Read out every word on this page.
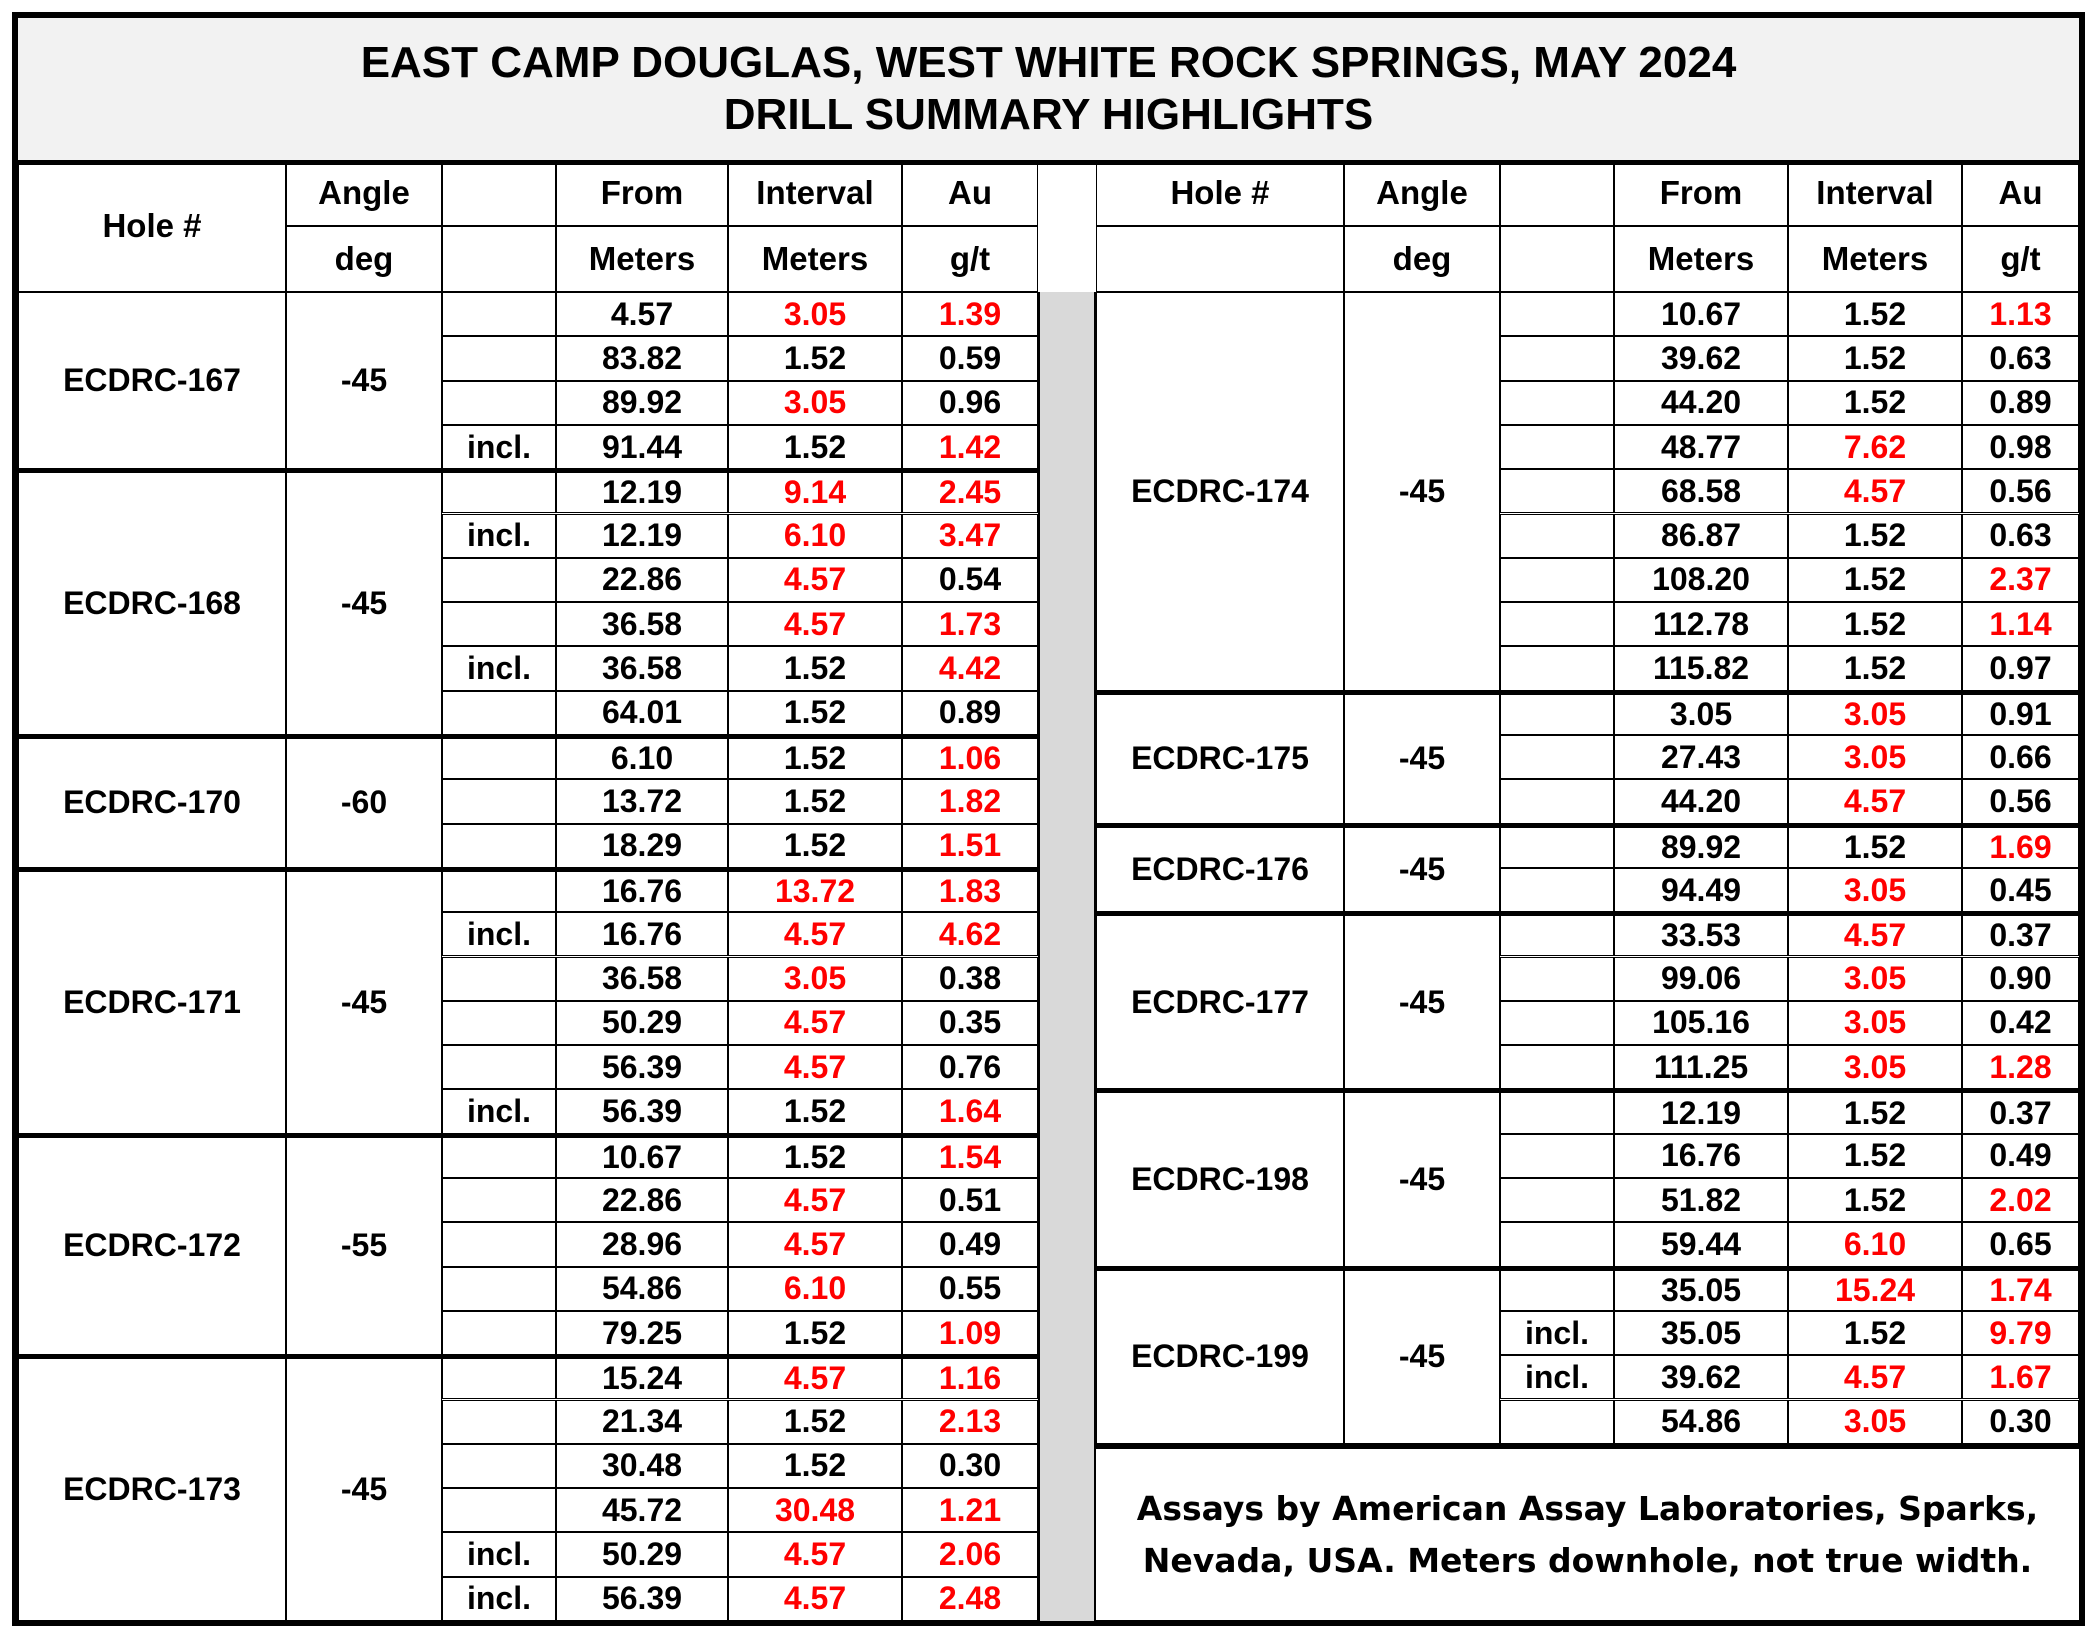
EAST CAMP DOUGLAS, WEST WHITE ROCK SPRINGS, MAY 2024
DRILL SUMMARY HIGHLIGHTS
Hole #
Angle	From	Interval	Au
deg	Meters	Meters	g/t
Hole #	Angle	From	Interval	Au
deg	Meters	Meters	g/t
ECDRC-167	-45
4.57	3.05	1.39
83.82	1.52	0.59
89.92	3.05	0.96
incl.	91.44	1.52	1.42
ECDRC-168	-45
12.19	9.14	2.45
incl.	12.19	6.10	3.47
22.86	4.57	0.54
36.58	4.57	1.73
incl.	36.58	1.52	4.42
64.01	1.52	0.89
ECDRC-170	-60
6.10	1.52	1.06
13.72	1.52	1.82
18.29	1.52	1.51
ECDRC-171	-45
16.76	13.72	1.83
incl.	16.76	4.57	4.62
36.58	3.05	0.38
50.29	4.57	0.35
56.39	4.57	0.76
incl.	56.39	1.52	1.64
ECDRC-172	-55
10.67	1.52	1.54
22.86	4.57	0.51
28.96	4.57	0.49
54.86	6.10	0.55
79.25	1.52	1.09
ECDRC-173	-45
15.24	4.57	1.16
21.34	1.52	2.13
30.48	1.52	0.30
45.72	30.48	1.21
incl.	50.29	4.57	2.06
incl.	56.39	4.57	2.48
ECDRC-174	-45
10.67	1.52	1.13
39.62	1.52	0.63
44.20	1.52	0.89
48.77	7.62	0.98
68.58	4.57	0.56
86.87	1.52	0.63
108.20	1.52	2.37
112.78	1.52	1.14
115.82	1.52	0.97
ECDRC-175	-45
3.05	3.05	0.91
27.43	3.05	0.66
44.20	4.57	0.56
ECDRC-176	-45
89.92	1.52	1.69
94.49	3.05	0.45
ECDRC-177	-45
33.53	4.57	0.37
99.06	3.05	0.90
105.16	3.05	0.42
111.25	3.05	1.28
ECDRC-198	-45
12.19	1.52	0.37
16.76	1.52	0.49
51.82	1.52	2.02
59.44	6.10	0.65
ECDRC-199	-45
35.05	15.24	1.74
incl.	35.05	1.52	9.79
incl.	39.62	4.57	1.67
54.86	3.05	0.30
Assays by American Assay Laboratories, Sparks,
Nevada, USA. Meters downhole, not true width.
